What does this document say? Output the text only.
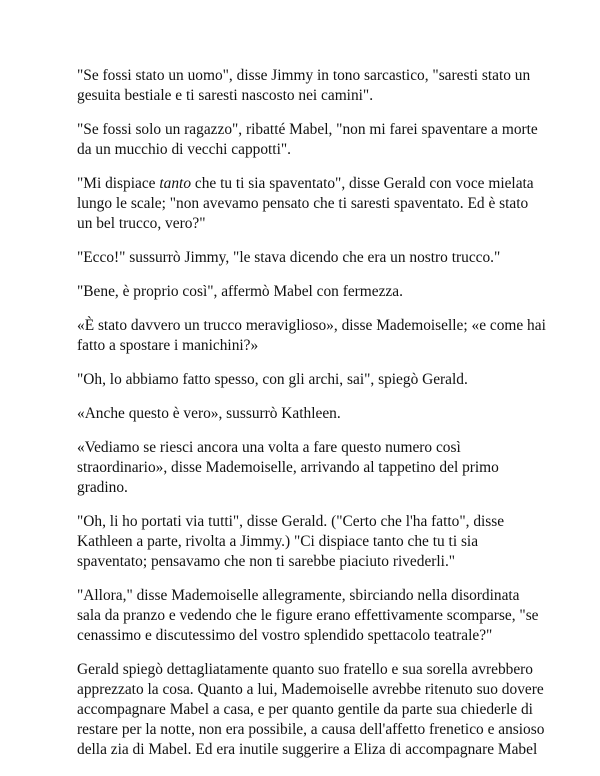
"Se fossi stato un uomo", disse Jimmy in tono sarcastico, "saresti stato un
gesuita bestiale e ti saresti nascosto nei camini".

"Se fossi solo un ragazzo", ribatté Mabel, "non mi farei spaventare a morte
da un mucchio di vecchi cappotti".

"Mi dispiace tanto che tu ti sia spaventato", disse Gerald con voce mielata
lungo le scale; "non avevamo pensato che ti saresti spaventato. Ed è stato
un bel trucco, vero?"

"Ecco!" sussurrò Jimmy, "le stava dicendo che era un nostro trucco."

"Bene, è proprio così", affermò Mabel con fermezza.

«È stato davvero un trucco meraviglioso», disse Mademoiselle; «e come hai
fatto a spostare i manichini?»

"Oh, lo abbiamo fatto spesso, con gli archi, sai", spiegò Gerald.

«Anche questo è vero», sussurrò Kathleen.

«Vediamo se riesci ancora una volta a fare questo numero così
straordinario», disse Mademoiselle, arrivando al tappetino del primo
gradino.

"Oh, li ho portati via tutti", disse Gerald. ("Certo che l'ha fatto", disse
Kathleen a parte, rivolta a Jimmy.) "Ci dispiace tanto che tu ti sia
spaventato; pensavamo che non ti sarebbe piaciuto rivederli."

"Allora," disse Mademoiselle allegramente, sbirciando nella disordinata
sala da pranzo e vedendo che le figure erano effettivamente scomparse, "se
cenassimo e discutessimo del vostro splendido spettacolo teatrale?"

Gerald spiegò dettagliatamente quanto suo fratello e sua sorella avrebbero
apprezzato la cosa. Quanto a lui, Mademoiselle avrebbe ritenuto suo dovere
accompagnare Mabel a casa, e per quanto gentile da parte sua chiederle di
restare per la notte, non era possibile, a causa dell'affetto frenetico e ansioso
della zia di Mabel. Ed era inutile suggerire a Eliza di accompagnare Mabel
